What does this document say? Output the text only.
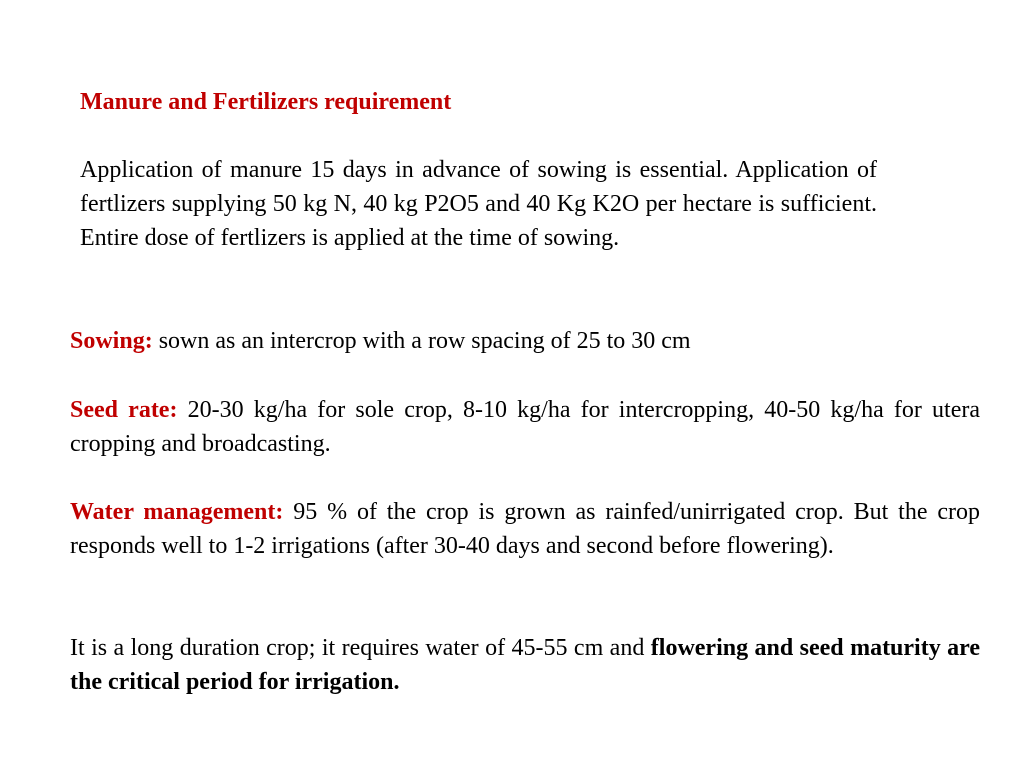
Manure and Fertilizers requirement

Application of manure 15 days in advance of sowing is essential. Application of fertlizers supplying 50 kg N, 40 kg P2O5 and 40 Kg K2O per hectare is sufficient. Entire dose of fertlizers is applied at the time of sowing.

Sowing: sown as an intercrop with a row spacing of 25 to 30 cm

Seed rate: 20-30 kg/ha for sole crop, 8-10 kg/ha for intercropping, 40-50 kg/ha for utera cropping and broadcasting.

Water management: 95 % of the crop is grown as rainfed/unirrigated crop. But the crop responds well to 1-2 irrigations (after 30-40 days and second before flowering).

It is a long duration crop; it requires water of 45-55 cm and flowering and seed maturity are the critical period for irrigation.
